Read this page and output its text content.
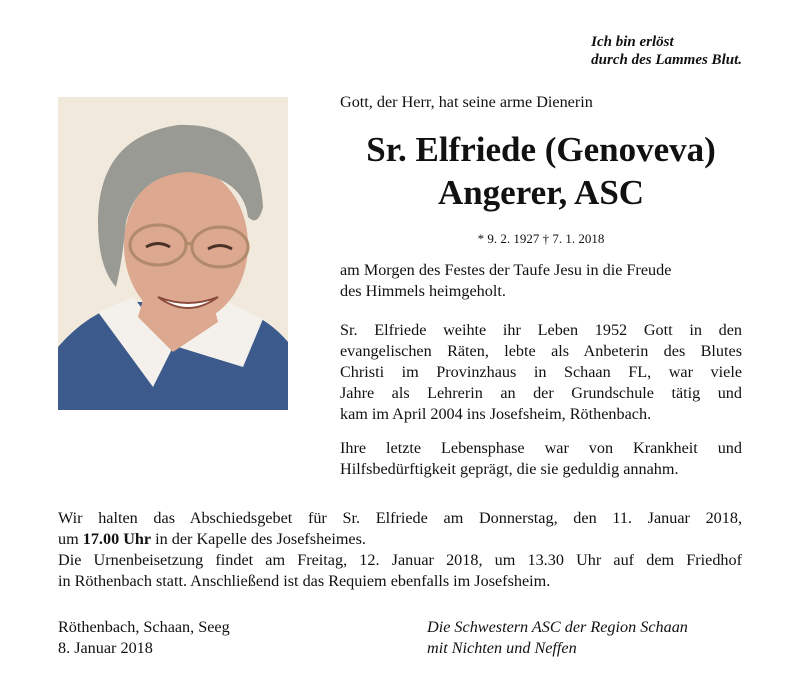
Ich bin erlöst
durch des Lammes Blut.
Gott, der Herr, hat seine arme Dienerin
Sr. Elfriede (Genoveva)
Angerer, ASC
* 9. 2. 1927 † 7. 1. 2018
am Morgen des Festes der Taufe Jesu in die Freude
des Himmels heimgeholt.
Sr. Elfriede weihte ihr Leben 1952 Gott in den
evangelischen Räten, lebte als Anbeterin des Blutes
Christi im Provinzhaus in Schaan FL, war viele
Jahre als Lehrerin an der Grundschule tätig und
kam im April 2004 ins Josefsheim, Röthenbach.
Ihre letzte Lebensphase war von Krankheit und
Hilfsbedürftigkeit geprägt, die sie geduldig annahm.
Wir halten das Abschiedsgebet für Sr. Elfriede am Donnerstag, den 11. Januar 2018,
um 17.00 Uhr in der Kapelle des Josefsheimes.
Die Urnenbeisetzung findet am Freitag, 12. Januar 2018, um 13.30 Uhr auf dem Friedhof
in Röthenbach statt. Anschließend ist das Requiem ebenfalls im Josefsheim.
Röthenbach, Schaan, Seeg
8. Januar 2018
Die Schwestern ASC der Region Schaan
mit Nichten und Neffen
